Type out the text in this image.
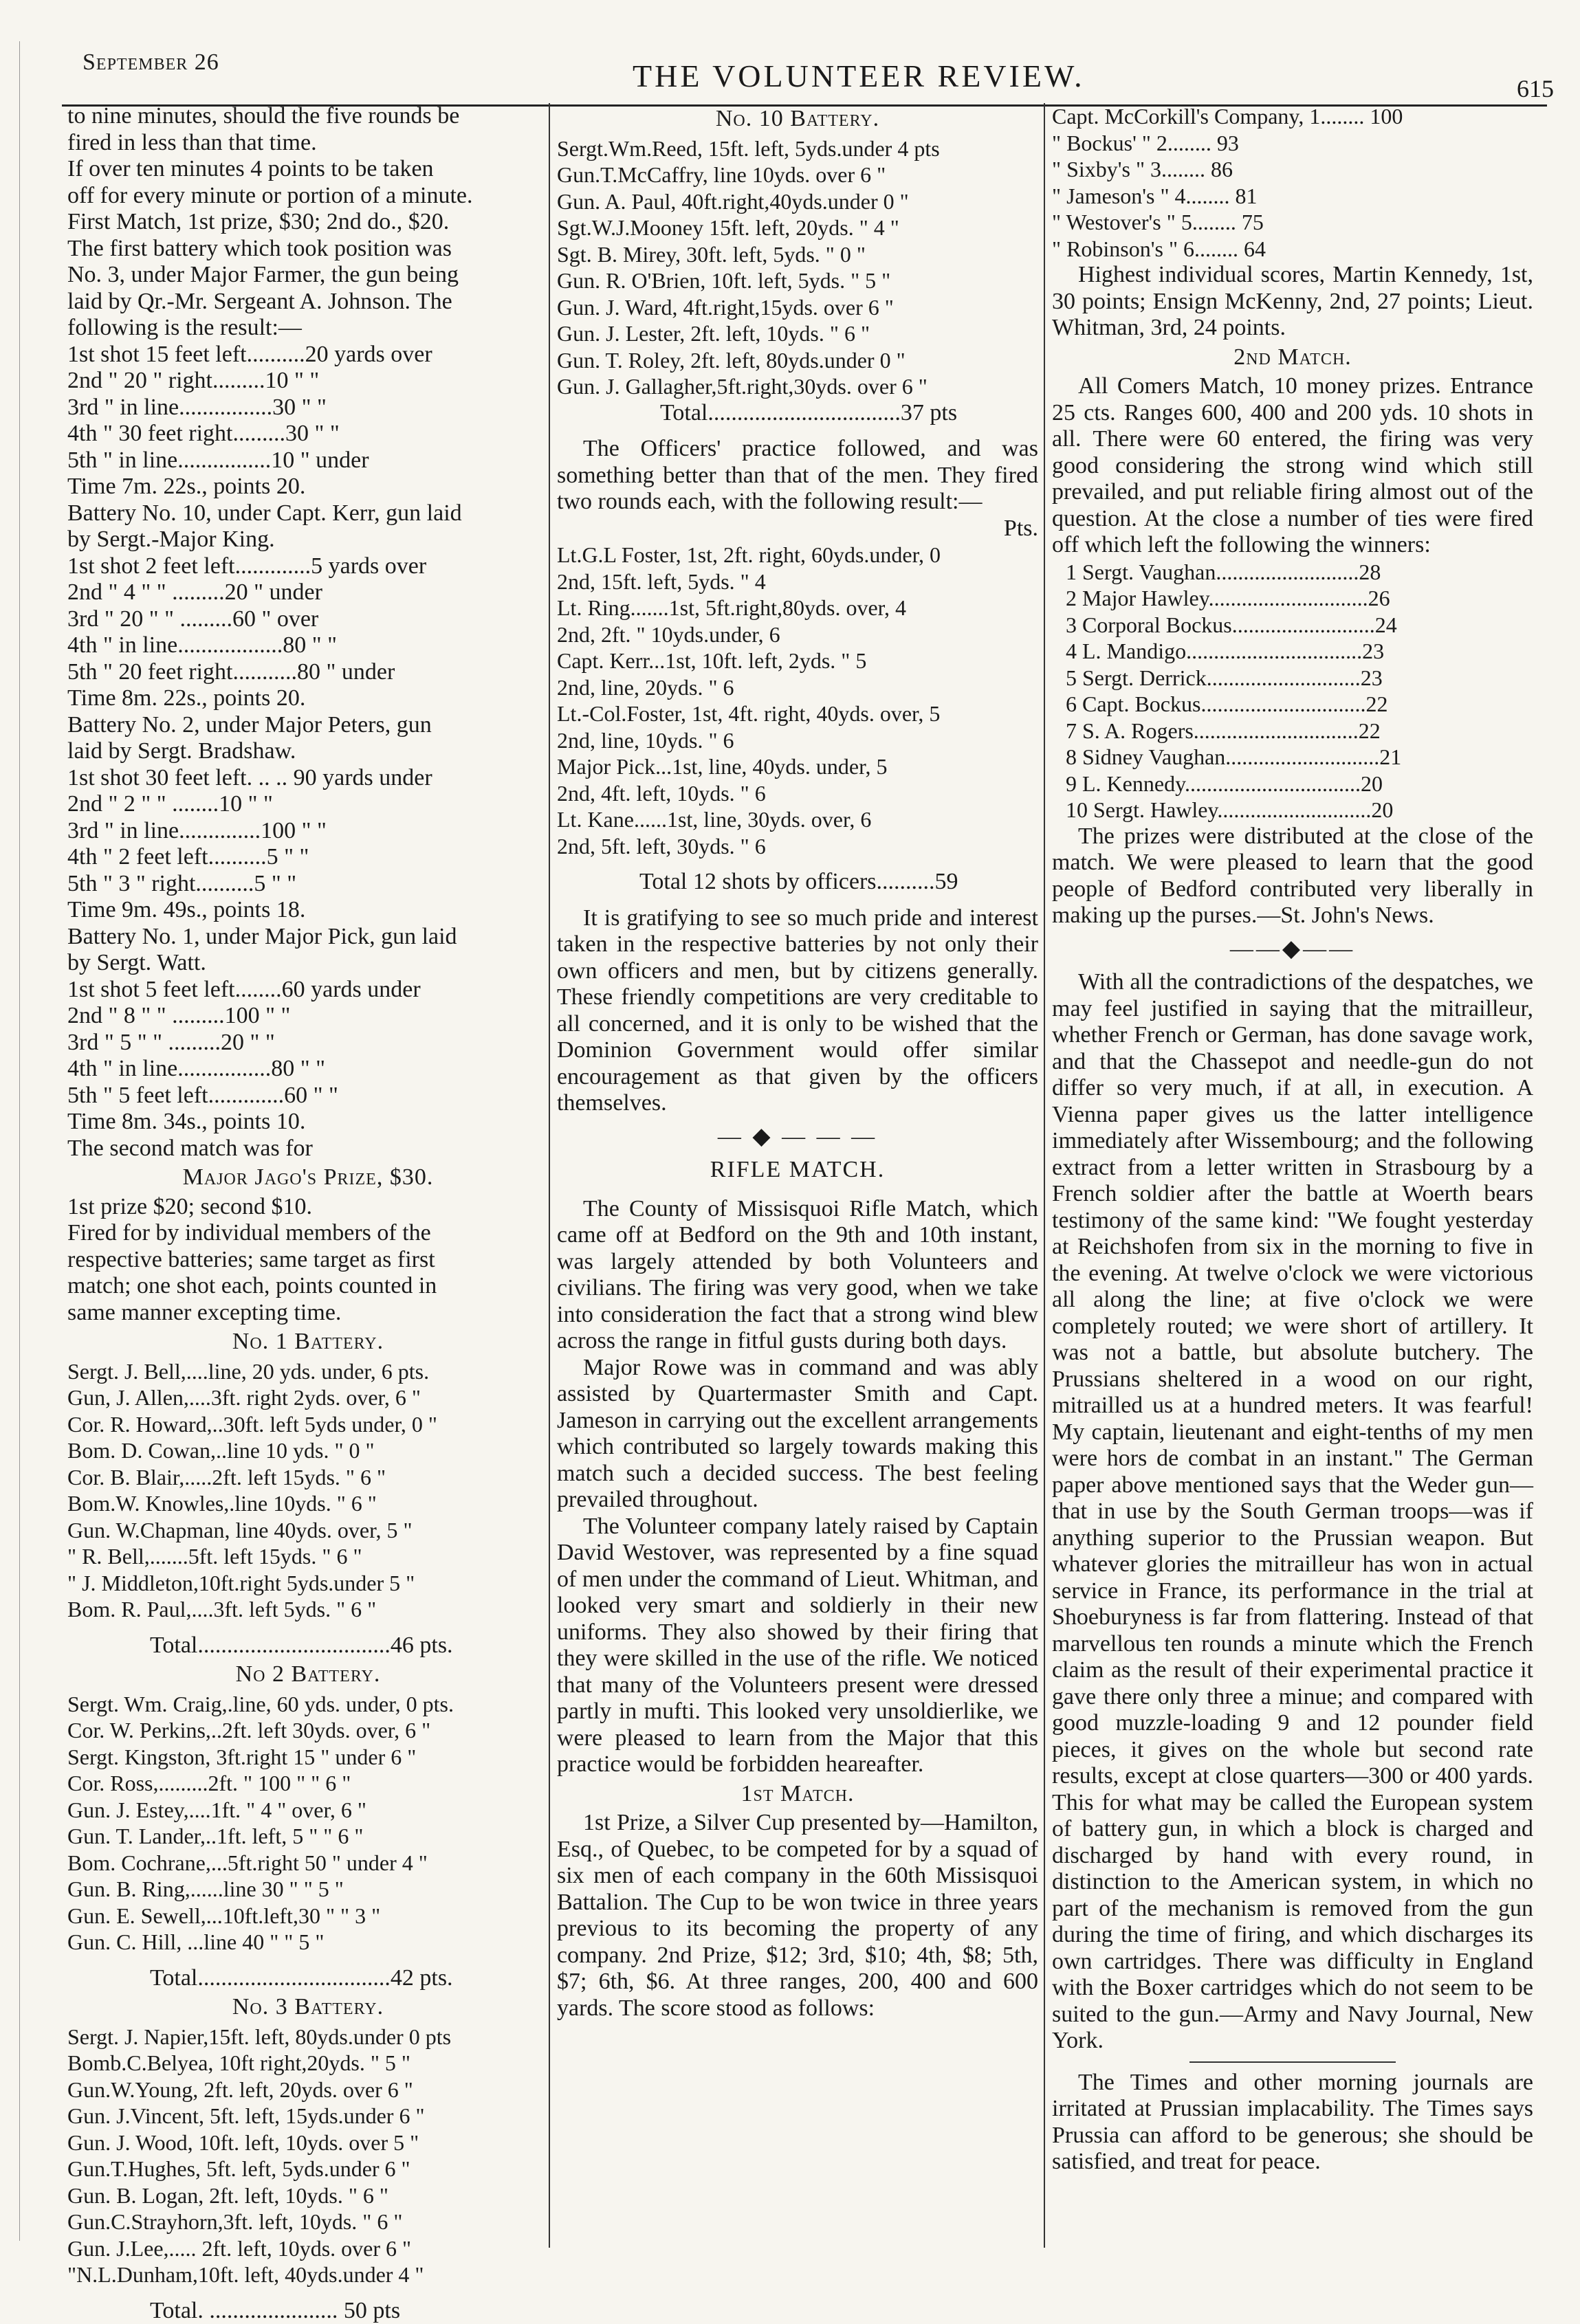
September 26	THE VOLUNTEER REVIEW.	615
to nine minutes, should the five rounds be
fired in less than that time.
If over ten minutes 4 points to be taken
off for every minute or portion of a minute.
First Match, 1st prize, $30; 2nd do., $20.
The first battery which took position was
No. 3, under Major Farmer, the gun being
laid by Qr.-Mr. Sergeant A. Johnson. The
following is the result:—
1st shot 15 feet left..........20 yards over
2nd " 20 " right.........10 " "
3rd " in line................30 " "
4th " 30 feet right.........30 " "
5th " in line................10 " under
Time 7m. 22s., points 20.
Battery No. 10, under Capt. Kerr, gun laid
by Sergt.-Major King.
1st shot 2 feet left.............5 yards over
2nd " 4 " " .........20 " under
3rd " 20 " " .........60 " over
4th " in line..................80 " "
5th " 20 feet right...........80 " under
Time 8m. 22s., points 20.
Battery No. 2, under Major Peters, gun
laid by Sergt. Bradshaw.
1st shot 30 feet left. .. .. 90 yards under
2nd " 2 " " ........10 " "
3rd " in line..............100 " "
4th " 2 feet left..........5 " "
5th " 3 " right..........5 " "
Time 9m. 49s., points 18.
Battery No. 1, under Major Pick, gun laid
by Sergt. Watt.
1st shot 5 feet left........60 yards under
2nd " 8 " " .........100 " "
3rd " 5 " " .........20 " "
4th " in line................80 " "
5th " 5 feet left.............60 " "
Time 8m. 34s., points 10.
The second match was for
Major Jago's Prize, $30.
1st prize $20; second $10.
Fired for by individual members of the
respective batteries; same target as first
match; one shot each, points counted in
same manner excepting time.
No. 1 Battery.
Sergt. J. Bell,....line, 20 yds. under, 6 pts.
Gun, J. Allen,....3ft. right 2yds. over, 6 "
Cor. R. Howard,..30ft. left 5yds under, 0 "
Bom. D. Cowan,..line 10 yds. " 0 "
Cor. B. Blair,.....2ft. left 15yds. " 6 "
Bom.W. Knowles,.line 10yds. " 6 "
Gun. W.Chapman, line 40yds. over, 5 "
" R. Bell,.......5ft. left 15yds. " 6 "
" J. Middleton,10ft.right 5yds.under 5 "
Bom. R. Paul,....3ft. left 5yds. " 6 "
Total.................................46 pts.
No 2 Battery.
Sergt. Wm. Craig,.line, 60 yds. under, 0 pts.
Cor. W. Perkins,..2ft. left 30yds. over, 6 "
Sergt. Kingston, 3ft.right 15 " under 6 "
Cor. Ross,.........2ft. " 100 " " 6 "
Gun. J. Estey,....1ft. " 4 " over, 6 "
Gun. T. Lander,..1ft. left, 5 " " 6 "
Bom. Cochrane,...5ft.right 50 " under 4 "
Gun. B. Ring,......line 30 " " 5 "
Gun. E. Sewell,...10ft.left,30 " " 3 "
Gun. C. Hill, ...line 40 " " 5 "
Total.................................42 pts.
No. 3 Battery.
Sergt. J. Napier,15ft. left, 80yds.under 0 pts
Bomb.C.Belyea, 10ft right,20yds. " 5 "
Gun.W.Young, 2ft. left, 20yds. over 6 "
Gun. J.Vincent, 5ft. left, 15yds.under 6 "
Gun. J. Wood, 10ft. left, 10yds. over 5 "
Gun.T.Hughes, 5ft. left, 5yds.under 6 "
Gun. B. Logan, 2ft. left, 10yds. " 6 "
Gun.C.Strayhorn,3ft. left, 10yds. " 6 "
Gun. J.Lee,..... 2ft. left, 10yds. over 6 "
"N.L.Dunham,10ft. left, 40yds.under 4 "
Total. ...................... 50 pts
No. 10 Battery.
Sergt.Wm.Reed, 15ft. left, 5yds.under 4 pts
Gun.T.McCaffry, line 10yds. over 6 "
Gun. A. Paul, 40ft.right,40yds.under 0 "
Sgt.W.J.Mooney 15ft. left, 20yds. " 4 "
Sgt. B. Mirey, 30ft. left, 5yds. " 0 "
Gun. R. O'Brien, 10ft. left, 5yds. " 5 "
Gun. J. Ward, 4ft.right,15yds. over 6 "
Gun. J. Lester, 2ft. left, 10yds. " 6 "
Gun. T. Roley, 2ft. left, 80yds.under 0 "
Gun. J. Gallagher,5ft.right,30yds. over 6 "
Total.................................37 pts

The Officers' practice followed, and was something better than that of the men. They fired two rounds each, with the following result:—

Pts.
Lt.G.L Foster, 1st, 2ft. right, 60yds.under, 0
2nd, 15ft. left, 5yds. " 4
Lt. Ring.......1st, 5ft.right,80yds. over, 4
2nd, 2ft. " 10yds.under, 6
Capt. Kerr...1st, 10ft. left, 2yds. " 5
2nd, line, 20yds. " 6
Lt.-Col.Foster, 1st, 4ft. right, 40yds. over, 5
2nd, line, 10yds. " 6
Major Pick...1st, line, 40yds. under, 5
2nd, 4ft. left, 10yds. " 6
Lt. Kane......1st, line, 30yds. over, 6
2nd, 5ft. left, 30yds. " 6
Total 12 shots by officers..........59

It is gratifying to see so much pride and interest taken in the respective batteries by not only their own officers and men, but by citizens generally. These friendly competitions are very creditable to all concerned, and it is only to be wished that the Dominion Government would offer similar encouragement as that given by the officers themselves.

— ◆ — — —
RIFLE MATCH.

The County of Missisquoi Rifle Match, which came off at Bedford on the 9th and 10th instant, was largely attended by both Volunteers and civilians. The firing was very good, when we take into consideration the fact that a strong wind blew across the range in fitful gusts during both days.

Major Rowe was in command and was ably assisted by Quartermaster Smith and Capt. Jameson in carrying out the excellent arrangements which contributed so largely towards making this match such a decided success. The best feeling prevailed throughout.

The Volunteer company lately raised by Captain David Westover, was represented by a fine squad of men under the command of Lieut. Whitman, and looked very smart and soldierly in their new uniforms. They also showed by their firing that they were skilled in the use of the rifle. We noticed that many of the Volunteers present were dressed partly in mufti. This looked very unsoldierlike, we were pleased to learn from the Major that this practice would be forbidden heareafter.

1st Match.

1st Prize, a Silver Cup presented by—Hamilton, Esq., of Quebec, to be competed for by a squad of six men of each company in the 60th Missisquoi Battalion. The Cup to be won twice in three years previous to its becoming the property of any company. 2nd Prize, $12; 3rd, $10; 4th, $8; 5th, $7; 6th, $6. At three ranges, 200, 400 and 600 yards. The score stood as follows:

Capt. McCorkill's Company, 1........ 100
" Bockus' " 2........ 93
" Sixby's " 3........ 86
" Jameson's " 4........ 81
" Westover's " 5........ 75
" Robinson's " 6........ 64

Highest individual scores, Martin Kennedy, 1st, 30 points; Ensign McKenny, 2nd, 27 points; Lieut. Whitman, 3rd, 24 points.

2nd Match.

All Comers Match, 10 money prizes. Entrance 25 cts. Ranges 600, 400 and 200 yds. 10 shots in all. There were 60 entered, the firing was very good considering the strong wind which still prevailed, and put reliable firing almost out of the question. At the close a number of ties were fired off which left the following the winners:

1 Sergt. Vaughan..........................28
2 Major Hawley.............................26
3 Corporal Bockus..........................24
4 L. Mandigo................................23
5 Sergt. Derrick............................23
6 Capt. Bockus..............................22
7 S. A. Rogers..............................22
8 Sidney Vaughan............................21
9 L. Kennedy................................20
10 Sergt. Hawley............................20

The prizes were distributed at the close of the match. We were pleased to learn that the good people of Bedford contributed very liberally in making up the purses.—St. John's News.

——◆——

With all the contradictions of the despatches, we may feel justified in saying that the mitrailleur, whether French or German, has done savage work, and that the Chassepot and needle-gun do not differ so very much, if at all, in execution. A Vienna paper gives us the latter intelligence immediately after Wissembourg; and the following extract from a letter written in Strasbourg by a French soldier after the battle at Woerth bears testimony of the same kind: "We fought yesterday at Reichshofen from six in the morning to five in the evening. At twelve o'clock we were victorious all along the line; at five o'clock we were completely routed; we were short of artillery. It was not a battle, but absolute butchery. The Prussians sheltered in a wood on our right, mitrailled us at a hundred meters. It was fearful! My captain, lieutenant and eight-tenths of my men were hors de combat in an instant." The German paper above mentioned says that the Weder gun—that in use by the South German troops—was if anything superior to the Prussian weapon. But whatever glories the mitrailleur has won in actual service in France, its performance in the trial at Shoeburyness is far from flattering. Instead of that marvellous ten rounds a minute which the French claim as the result of their experimental practice it gave there only three a minue; and compared with good muzzle-loading 9 and 12 pounder field pieces, it gives on the whole but second rate results, except at close quarters—300 or 400 yards. This for what may be called the European system of battery gun, in which a block is charged and discharged by hand with every round, in distinction to the American system, in which no part of the mechanism is removed from the gun during the time of firing, and which discharges its own cartridges. There was difficulty in England with the Boxer cartridges which do not seem to be suited to the gun.—Army and Navy Journal, New York.

The Times and other morning journals are irritated at Prussian implacability. The Times says Prussia can afford to be generous; she should be satisfied, and treat for peace.
